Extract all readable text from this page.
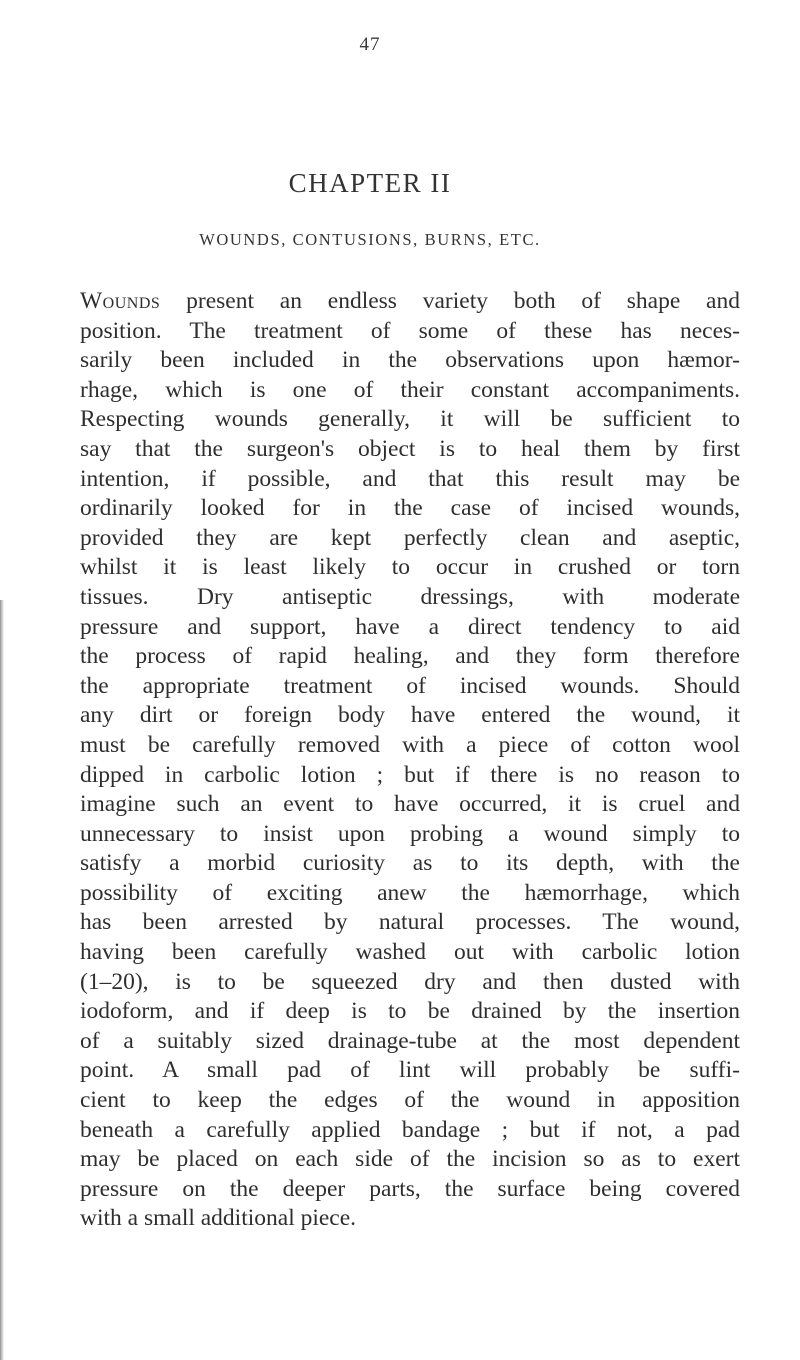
47
CHAPTER II
WOUNDS, CONTUSIONS, BURNS, ETC.
Wounds present an endless variety both of shape and
position. The treatment of some of these has neces-
sarily been included in the observations upon hæmor-
rhage, which is one of their constant accompaniments.
Respecting wounds generally, it will be sufficient to
say that the surgeon's object is to heal them by first
intention, if possible, and that this result may be
ordinarily looked for in the case of incised wounds,
provided they are kept perfectly clean and aseptic,
whilst it is least likely to occur in crushed or torn
tissues. Dry antiseptic dressings, with moderate
pressure and support, have a direct tendency to aid
the process of rapid healing, and they form therefore
the appropriate treatment of incised wounds. Should
any dirt or foreign body have entered the wound, it
must be carefully removed with a piece of cotton wool
dipped in carbolic lotion ; but if there is no reason to
imagine such an event to have occurred, it is cruel and
unnecessary to insist upon probing a wound simply to
satisfy a morbid curiosity as to its depth, with the
possibility of exciting anew the hæmorrhage, which
has been arrested by natural processes. The wound,
having been carefully washed out with carbolic lotion
(1–20), is to be squeezed dry and then dusted with
iodoform, and if deep is to be drained by the insertion
of a suitably sized drainage-tube at the most dependent
point. A small pad of lint will probably be suffi-
cient to keep the edges of the wound in apposition
beneath a carefully applied bandage ; but if not, a pad
may be placed on each side of the incision so as to exert
pressure on the deeper parts, the surface being covered
with a small additional piece.
